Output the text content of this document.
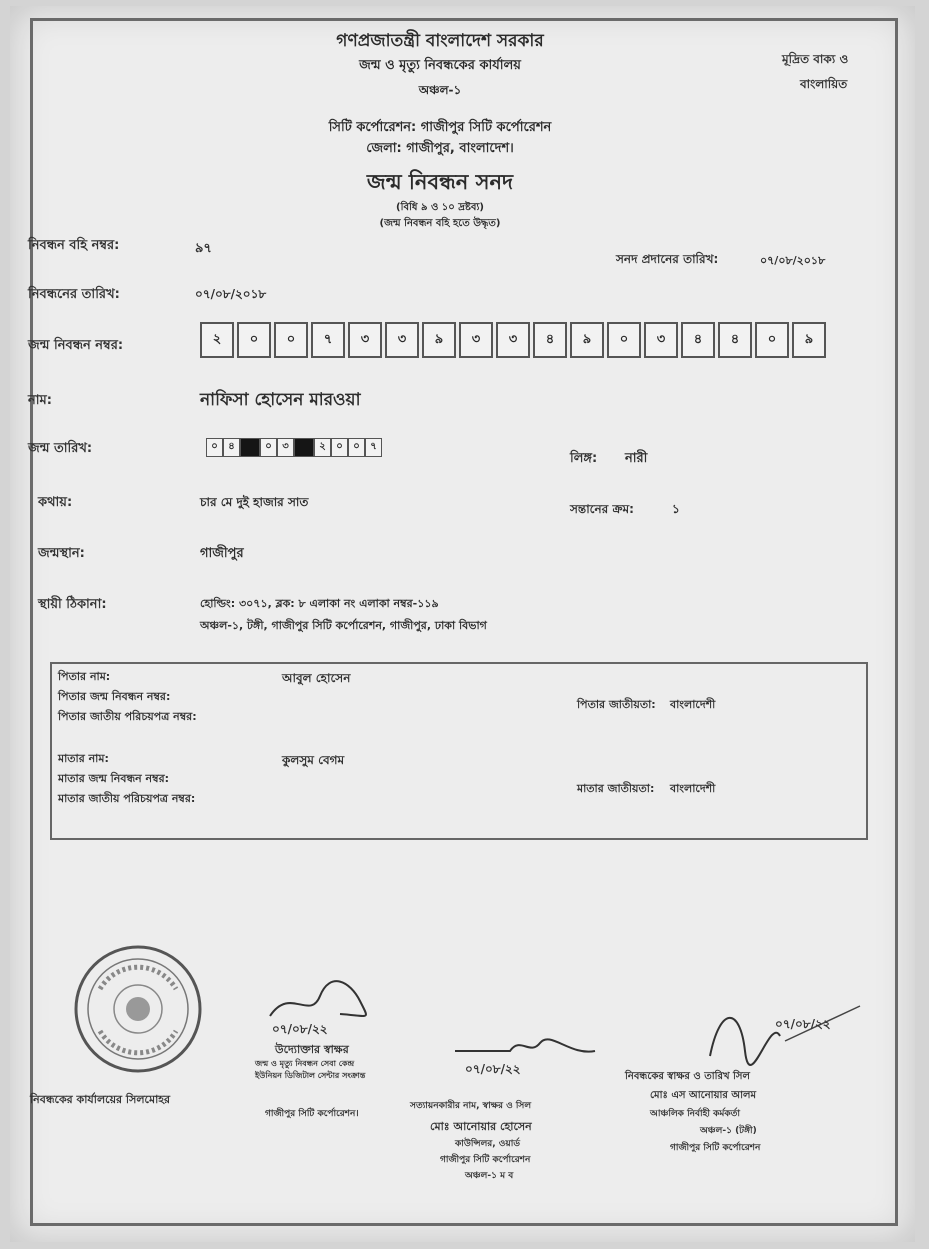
গণপ্রজাতন্ত্রী বাংলাদেশ সরকার
জন্ম ও মৃত্যু নিবন্ধকের কার্যালয়
অঞ্চল-১
সিটি কর্পোরেশন: গাজীপুর সিটি কর্পোরেশন
জেলা: গাজীপুর, বাংলাদেশ।
জন্ম নিবন্ধন সনদ
(বিধি ৯ ও ১০ দ্রষ্টব্য)
(জন্ম নিবন্ধন বহি হতে উদ্ধৃত)
মূদ্রিত বাক্য ও
বাংলায়িত
নিবন্ধন বহি নম্বর:	৯৭
সনদ প্রদানের তারিখ:	০৭/০৮/২০১৮
নিবন্ধনের তারিখ:	০৭/০৮/২০১৮
জন্ম নিবন্ধন নম্বর:	২	০	০	৭	৩	৩	৯	৩	৩	৪	৯	০	৩	৪	৪	০	৯
নাম:	নাফিসা হোসেন মারওয়া
জন্ম তারিখ:	০	৪	০	৩	২	০	০	৭
লিঙ্গ: নারী
কথায়:	চার মে দুই হাজার সাত	সন্তানের ক্রম:	১
জন্মস্থান:	গাজীপুর
স্থায়ী ঠিকানা:	হোল্ডিং: ৩০৭১, ব্লক: ৮ এলাকা নং এলাকা নম্বর-১১৯
অঞ্চল-১, টঙ্গী, গাজীপুর সিটি কর্পোরেশন, গাজীপুর, ঢাকা বিভাগ
পিতার নাম:	আবুল হোসেন
পিতার জন্ম নিবন্ধন নম্বর:
পিতার জাতীয় পরিচয়পত্র নম্বর:
পিতার জাতীয়তা: বাংলাদেশী
মাতার নাম:	কুলসুম বেগম
মাতার জন্ম নিবন্ধন নম্বর:
মাতার জাতীয় পরিচয়পত্র নম্বর:
মাতার জাতীয়তা: বাংলাদেশী
নিবন্ধকের কার্যালয়ের সিলমোহর
০৭/০৮/২২
উদ্যোক্তার স্বাক্ষর
জন্ম ও মৃত্যু নিবন্ধন সেবা কেন্দ্র
ইউনিয়ন ডিজিটাল সেন্টার সংক্রান্ত
গাজীপুর সিটি কর্পোরেশন।
০৭/০৮/২২
সত্যায়নকারীর নাম, স্বাক্ষর ও সিল
মোঃ আনোয়ার হোসেন
কাউন্সিলর, ওয়ার্ড
গাজীপুর সিটি কর্পোরেশন
অঞ্চল-১ ম ব
০৭/০৮/২২
নিবন্ধকের স্বাক্ষর ও তারিখ সিল
মোঃ এস আনোয়ার আলম
আঞ্চলিক নির্বাহী কর্মকর্তা
অঞ্চল-১ (টঙ্গী)
গাজীপুর সিটি কর্পোরেশন
